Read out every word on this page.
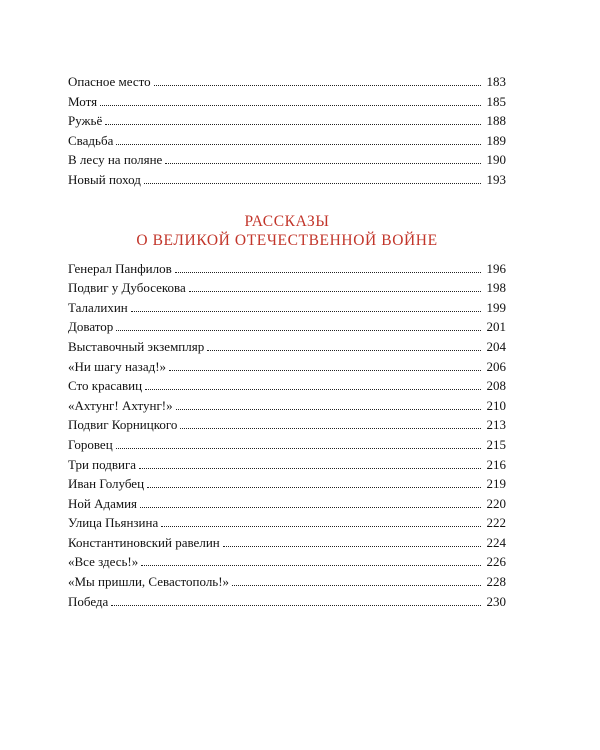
Опасное место	183
Мотя	185
Ружьё	188
Свадьба	189
В лесу на поляне	190
Новый поход	193
РАССКАЗЫ
О ВЕЛИКОЙ ОТЕЧЕСТВЕННОЙ ВОЙНЕ
Генерал Панфилов	196
Подвиг у Дубосекова	198
Талалихин	199
Доватор	201
Выставочный экземпляр	204
«Ни шагу назад!»	206
Сто красавиц	208
«Ахтунг! Ахтунг!»	210
Подвиг Корницкого	213
Горовец	215
Три подвига	216
Иван Голубец	219
Ной Адамия	220
Улица Пьянзина	222
Константиновский равелин	224
«Все здесь!»	226
«Мы пришли, Севастополь!»	228
Победа	230
